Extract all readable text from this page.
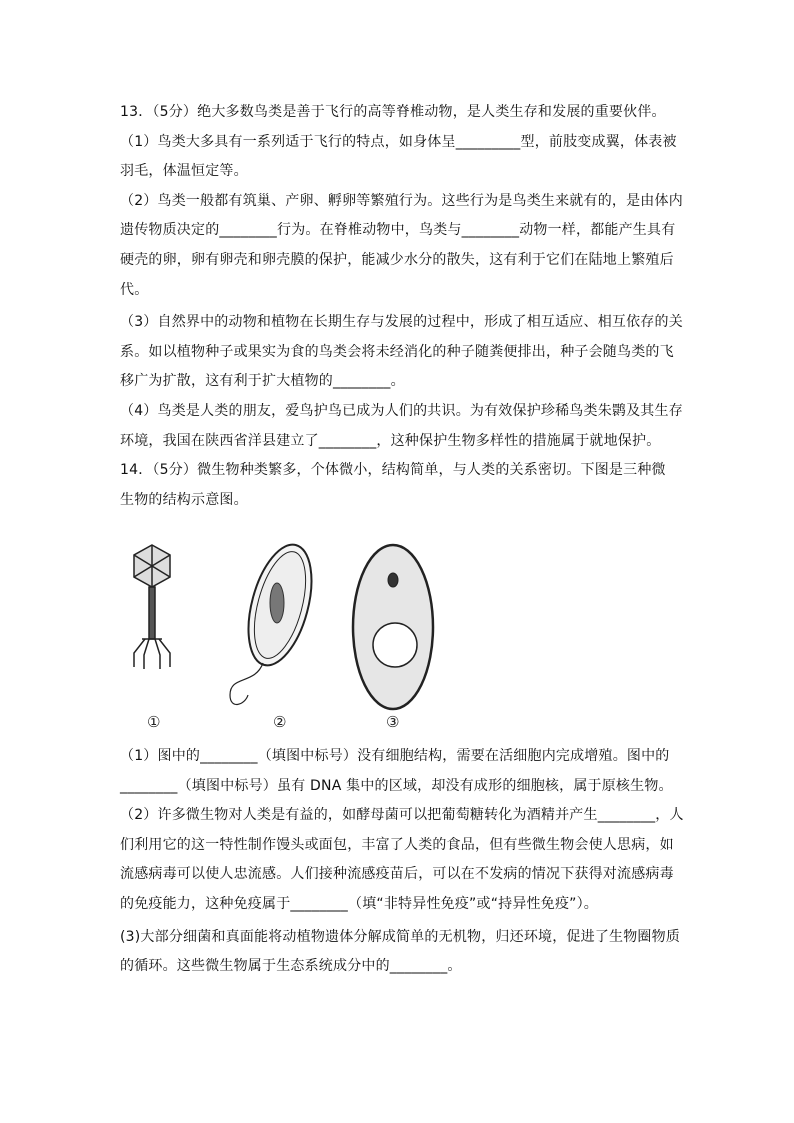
13．（5分）绝大多数鸟类是善于飞行的高等脊椎动物，是人类生存和发展的重要伙伴。
（1）鸟类大多具有一系列适于飞行的特点，如身体呈_________型，前肢变成翼，体表被
羽毛，体温恒定等。
（2）鸟类一般都有筑巢、产卵、孵卵等繁殖行为。这些行为是鸟类生来就有的，是由体内
遗传物质决定的________行为。在脊椎动物中，鸟类与________动物一样，都能产生具有
硬壳的卵，卵有卵壳和卵壳膜的保护，能减少水分的散失，这有利于它们在陆地上繁殖后
代。
（3）自然界中的动物和植物在长期生存与发展的过程中，形成了相互适应、相互依存的关
系。如以植物种子或果实为食的鸟类会将未经消化的种子随粪便排出，种子会随鸟类的飞
移广为扩散，这有利于扩大植物的________。
（4）鸟类是人类的朋友，爱鸟护鸟已成为人们的共识。为有效保护珍稀鸟类朱鹮及其生存
环境，我国在陕西省洋县建立了________，这种保护生物多样性的措施属于就地保护。
14．（5分）微生物种类繁多，个体微小，结构简单，与人类的关系密切。下图是三种微
生物的结构示意图。
①	②	③
（1）图中的________（填图中标号）没有细胞结构，需要在活细胞内完成增殖。图中的
________（填图中标号）虽有 DNA 集中的区域，却没有成形的细胞核，属于原核生物。
（2）许多微生物对人类是有益的，如酵母菌可以把葡萄糖转化为酒精并产生________，人
们利用它的这一特性制作馒头或面包，丰富了人类的食品，但有些微生物会使人思病，如
流感病毒可以使人忠流感。人们接种流感疫苗后，可以在不发病的情况下获得对流感病毒
的免疫能力，这种免疫属于________（填“非特异性免疫”或“持异性免疫”）。
(3)大部分细菌和真面能将动植物遗体分解成简单的无机物，归还环境，促进了生物圈物质
的循环。这些微生物属于生态系统成分中的________。
